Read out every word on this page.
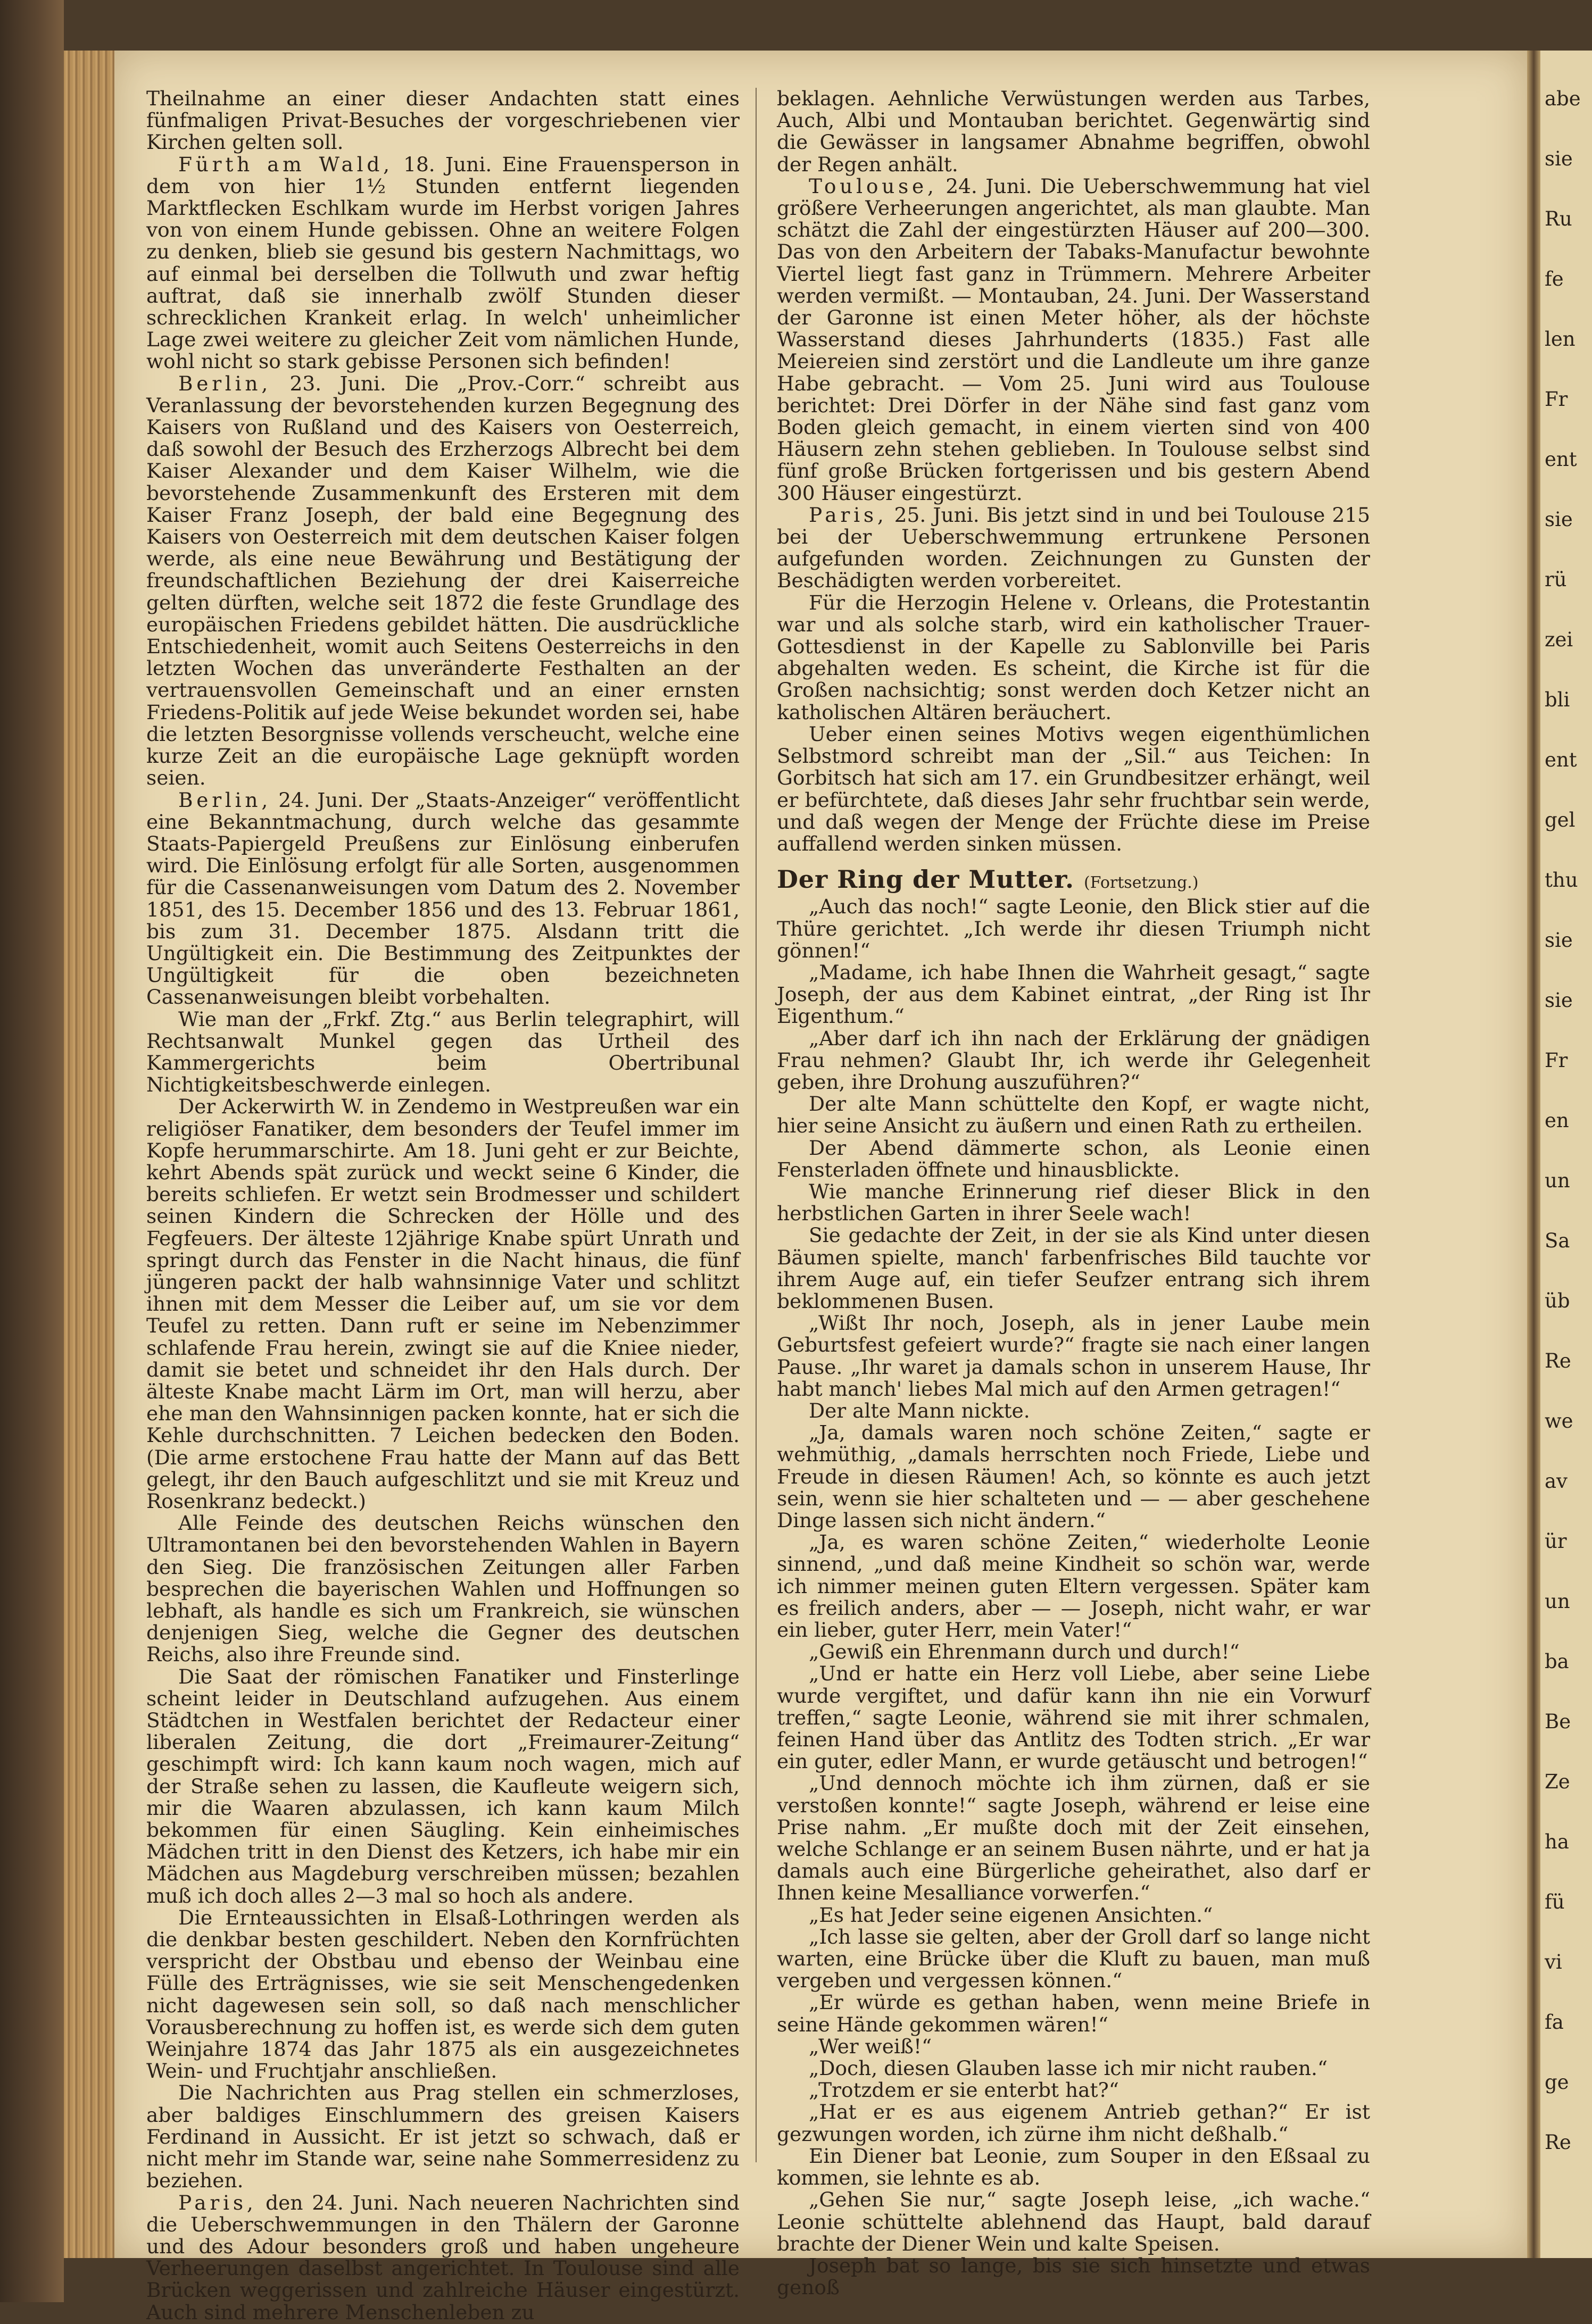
Theilnahme an einer dieser Andachten statt eines fünfmaligen Privat-Besuches der vorgeschriebenen vier Kirchen gelten soll.

Fürth am Wald, 18. Juni. Eine Frauensperson in dem von hier 1½ Stunden entfernt liegenden Marktflecken Eschlkam wurde im Herbst vorigen Jahres von von einem Hunde gebissen. Ohne an weitere Folgen zu denken, blieb sie gesund bis gestern Nachmittags, wo auf einmal bei derselben die Tollwuth und zwar heftig auftrat, daß sie innerhalb zwölf Stunden dieser schrecklichen Krankeit erlag. In welch' unheimlicher Lage zwei weitere zu gleicher Zeit vom nämlichen Hunde, wohl nicht so stark gebisse Personen sich befinden!

Berlin, 23. Juni. Die „Prov.-Corr.“ schreibt aus Veranlassung der bevorstehenden kurzen Begegnung des Kaisers von Rußland und des Kaisers von Oesterreich, daß sowohl der Besuch des Erzherzogs Albrecht bei dem Kaiser Alexander und dem Kaiser Wilhelm, wie die bevorstehende Zusammenkunft des Ersteren mit dem Kaiser Franz Joseph, der bald eine Begegnung des Kaisers von Oesterreich mit dem deutschen Kaiser folgen werde, als eine neue Bewährung und Bestätigung der freundschaftlichen Beziehung der drei Kaiserreiche gelten dürften, welche seit 1872 die feste Grundlage des europäischen Friedens gebildet hätten. Die ausdrückliche Entschiedenheit, womit auch Seitens Oesterreichs in den letzten Wochen das unveränderte Festhalten an der vertrauensvollen Gemeinschaft und an einer ernsten Friedens-Politik auf jede Weise bekundet worden sei, habe die letzten Besorgnisse vollends verscheucht, welche eine kurze Zeit an die europäische Lage geknüpft worden seien.

Berlin, 24. Juni. Der „Staats-Anzeiger“ veröffentlicht eine Bekanntmachung, durch welche das gesammte Staats-Papiergeld Preußens zur Einlösung einberufen wird. Die Einlösung erfolgt für alle Sorten, ausgenommen für die Cassenanweisungen vom Datum des 2. November 1851, des 15. December 1856 und des 13. Februar 1861, bis zum 31. December 1875. Alsdann tritt die Ungültigkeit ein. Die Bestimmung des Zeitpunktes der Ungültigkeit für die oben bezeichneten Cassenanweisungen bleibt vorbehalten.

Wie man der „Frkf. Ztg.“ aus Berlin telegraphirt, will Rechtsanwalt Munkel gegen das Urtheil des Kammergerichts beim Obertribunal Nichtigkeitsbeschwerde einlegen.

Der Ackerwirth W. in Zendemo in Westpreußen war ein religiöser Fanatiker, dem besonders der Teufel immer im Kopfe herummarschirte. Am 18. Juni geht er zur Beichte, kehrt Abends spät zurück und weckt seine 6 Kinder, die bereits schliefen. Er wetzt sein Brodmesser und schildert seinen Kindern die Schrecken der Hölle und des Fegfeuers. Der älteste 12jährige Knabe spürt Unrath und springt durch das Fenster in die Nacht hinaus, die fünf jüngeren packt der halb wahnsinnige Vater und schlitzt ihnen mit dem Messer die Leiber auf, um sie vor dem Teufel zu retten. Dann ruft er seine im Nebenzimmer schlafende Frau herein, zwingt sie auf die Kniee nieder, damit sie betet und schneidet ihr den Hals durch. Der älteste Knabe macht Lärm im Ort, man will herzu, aber ehe man den Wahnsinnigen packen konnte, hat er sich die Kehle durchschnitten. 7 Leichen bedecken den Boden. (Die arme erstochene Frau hatte der Mann auf das Bett gelegt, ihr den Bauch aufgeschlitzt und sie mit Kreuz und Rosenkranz bedeckt.)

Alle Feinde des deutschen Reichs wünschen den Ultramontanen bei den bevorstehenden Wahlen in Bayern den Sieg. Die französischen Zeitungen aller Farben besprechen die bayerischen Wahlen und Hoffnungen so lebhaft, als handle es sich um Frankreich, sie wünschen denjenigen Sieg, welche die Gegner des deutschen Reichs, also ihre Freunde sind.

Die Saat der römischen Fanatiker und Finsterlinge scheint leider in Deutschland aufzugehen. Aus einem Städtchen in Westfalen berichtet der Redacteur einer liberalen Zeitung, die dort „Freimaurer-Zeitung“ geschimpft wird: Ich kann kaum noch wagen, mich auf der Straße sehen zu lassen, die Kaufleute weigern sich, mir die Waaren abzulassen, ich kann kaum Milch bekommen für einen Säugling. Kein einheimisches Mädchen tritt in den Dienst des Ketzers, ich habe mir ein Mädchen aus Magdeburg verschreiben müssen; bezahlen muß ich doch alles 2—3 mal so hoch als andere.

Die Ernteaussichten in Elsaß-Lothringen werden als die denkbar besten geschildert. Neben den Kornfrüchten verspricht der Obstbau und ebenso der Weinbau eine Fülle des Erträgnisses, wie sie seit Menschengedenken nicht dagewesen sein soll, so daß nach menschlicher Vorausberechnung zu hoffen ist, es werde sich dem guten Weinjahre 1874 das Jahr 1875 als ein ausgezeichnetes Wein- und Fruchtjahr anschließen.

Die Nachrichten aus Prag stellen ein schmerzloses, aber baldiges Einschlummern des greisen Kaisers Ferdinand in Aussicht. Er ist jetzt so schwach, daß er nicht mehr im Stande war, seine nahe Sommerresidenz zu beziehen.

Paris, den 24. Juni. Nach neueren Nachrichten sind die Ueberschwemmungen in den Thälern der Garonne und des Adour besonders groß und haben ungeheure Verheerungen daselbst angerichtet. In Toulouse sind alle Brücken weggerissen und zahlreiche Häuser eingestürzt. Auch sind mehrere Menschenleben zu

beklagen. Aehnliche Verwüstungen werden aus Tarbes, Auch, Albi und Montauban berichtet. Gegenwärtig sind die Gewässer in langsamer Abnahme begriffen, obwohl der Regen anhält.

Toulouse, 24. Juni. Die Ueberschwemmung hat viel größere Verheerungen angerichtet, als man glaubte. Man schätzt die Zahl der eingestürzten Häuser auf 200—300. Das von den Arbeitern der Tabaks-Manufactur bewohnte Viertel liegt fast ganz in Trümmern. Mehrere Arbeiter werden vermißt. — Montauban, 24. Juni. Der Wasserstand der Garonne ist einen Meter höher, als der höchste Wasserstand dieses Jahrhunderts (1835.) Fast alle Meiereien sind zerstört und die Landleute um ihre ganze Habe gebracht. — Vom 25. Juni wird aus Toulouse berichtet: Drei Dörfer in der Nähe sind fast ganz vom Boden gleich gemacht, in einem vierten sind von 400 Häusern zehn stehen geblieben. In Toulouse selbst sind fünf große Brücken fortgerissen und bis gestern Abend 300 Häuser eingestürzt.

Paris, 25. Juni. Bis jetzt sind in und bei Toulouse 215 bei der Ueberschwemmung ertrunkene Personen aufgefunden worden. Zeichnungen zu Gunsten der Beschädigten werden vorbereitet.

Für die Herzogin Helene v. Orleans, die Protestantin war und als solche starb, wird ein katholischer Trauer-Gottesdienst in der Kapelle zu Sablonville bei Paris abgehalten weden. Es scheint, die Kirche ist für die Großen nachsichtig; sonst werden doch Ketzer nicht an katholischen Altären beräuchert.

Ueber einen seines Motivs wegen eigenthümlichen Selbstmord schreibt man der „Sil.“ aus Teichen: In Gorbitsch hat sich am 17. ein Grundbesitzer erhängt, weil er befürchtete, daß dieses Jahr sehr fruchtbar sein werde, und daß wegen der Menge der Früchte diese im Preise auffallend werden sinken müssen.

Der Ring der Mutter. (Fortsetzung.)

„Auch das noch!“ sagte Leonie, den Blick stier auf die Thüre gerichtet. „Ich werde ihr diesen Triumph nicht gönnen!“

„Madame, ich habe Ihnen die Wahrheit gesagt,“ sagte Joseph, der aus dem Kabinet eintrat, „der Ring ist Ihr Eigenthum.“

„Aber darf ich ihn nach der Erklärung der gnädigen Frau nehmen? Glaubt Ihr, ich werde ihr Gelegenheit geben, ihre Drohung auszuführen?“

Der alte Mann schüttelte den Kopf, er wagte nicht, hier seine Ansicht zu äußern und einen Rath zu ertheilen.

Der Abend dämmerte schon, als Leonie einen Fensterladen öffnete und hinausblickte.

Wie manche Erinnerung rief dieser Blick in den herbstlichen Garten in ihrer Seele wach!

Sie gedachte der Zeit, in der sie als Kind unter diesen Bäumen spielte, manch' farbenfrisches Bild tauchte vor ihrem Auge auf, ein tiefer Seufzer entrang sich ihrem beklommenen Busen.

„Wißt Ihr noch, Joseph, als in jener Laube mein Geburtsfest gefeiert wurde?“ fragte sie nach einer langen Pause. „Ihr waret ja damals schon in unserem Hause, Ihr habt manch' liebes Mal mich auf den Armen getragen!“

Der alte Mann nickte.

„Ja, damals waren noch schöne Zeiten,“ sagte er wehmüthig, „damals herrschten noch Friede, Liebe und Freude in diesen Räumen! Ach, so könnte es auch jetzt sein, wenn sie hier schalteten und — — aber geschehene Dinge lassen sich nicht ändern.“

„Ja, es waren schöne Zeiten,“ wiederholte Leonie sinnend, „und daß meine Kindheit so schön war, werde ich nimmer meinen guten Eltern vergessen. Später kam es freilich anders, aber — — Joseph, nicht wahr, er war ein lieber, guter Herr, mein Vater!“

„Gewiß ein Ehrenmann durch und durch!“

„Und er hatte ein Herz voll Liebe, aber seine Liebe wurde vergiftet, und dafür kann ihn nie ein Vorwurf treffen,“ sagte Leonie, während sie mit ihrer schmalen, feinen Hand über das Antlitz des Todten strich. „Er war ein guter, edler Mann, er wurde getäuscht und betrogen!“

„Und dennoch möchte ich ihm zürnen, daß er sie verstoßen konnte!“ sagte Joseph, während er leise eine Prise nahm. „Er mußte doch mit der Zeit einsehen, welche Schlange er an seinem Busen nährte, und er hat ja damals auch eine Bürgerliche geheirathet, also darf er Ihnen keine Mesalliance vorwerfen.“

„Es hat Jeder seine eigenen Ansichten.“

„Ich lasse sie gelten, aber der Groll darf so lange nicht warten, eine Brücke über die Kluft zu bauen, man muß vergeben und vergessen können.“

„Er würde es gethan haben, wenn meine Briefe in seine Hände gekommen wären!“

„Wer weiß!“

„Doch, diesen Glauben lasse ich mir nicht rauben.“

„Trotzdem er sie enterbt hat?“

„Hat er es aus eigenem Antrieb gethan?“ Er ist gezwungen worden, ich zürne ihm nicht deßhalb.“

Ein Diener bat Leonie, zum Souper in den Eßsaal zu kommen, sie lehnte es ab.

„Gehen Sie nur,“ sagte Joseph leise, „ich wache.“ Leonie schüttelte ablehnend das Haupt, bald darauf brachte der Diener Wein und kalte Speisen.

Joseph bat so lange, bis sie sich hinsetzte und etwas genoß

abe
sie
Ru
fe
len
Fr
ent
sie
rü
zei
bli
ent
gel
thu
sie
sie
Fr
en
un
Sa
üb
Re
we
av
ür
un
ba
Be
Ze
ha
fü
vi
fa
ge
Re
